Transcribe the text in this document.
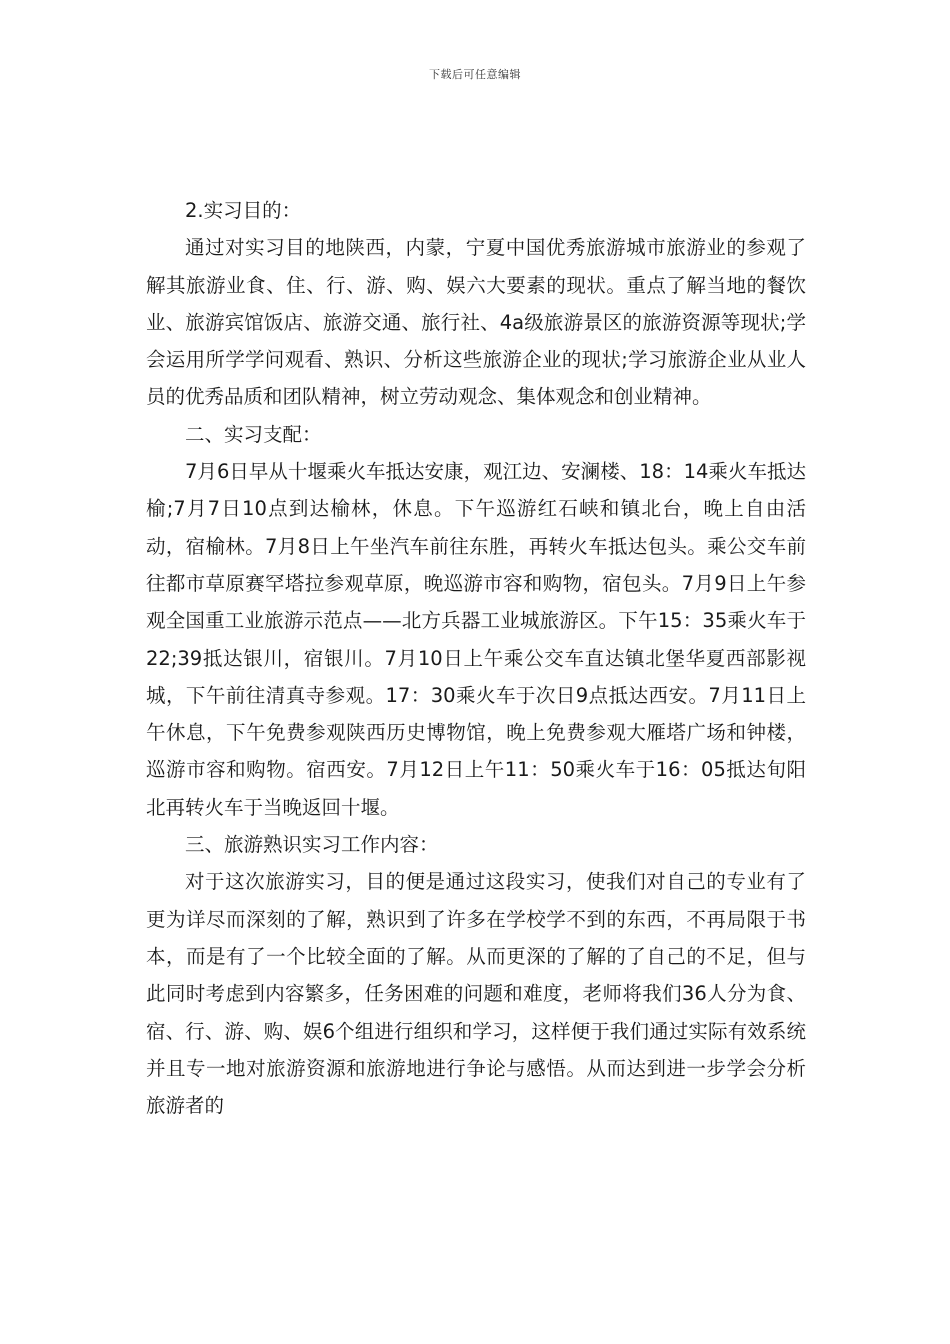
下载后可任意编辑

2.实习目的：

通过对实习目的地陕西，内蒙，宁夏中国优秀旅游城市旅游业的参观了解其旅游业食、住、行、游、购、娱六大要素的现状。重点了解当地的餐饮业、旅游宾馆饭店、旅游交通、旅行社、4a级旅游景区的旅游资源等现状;学会运用所学学问观看、熟识、分析这些旅游企业的现状;学习旅游企业从业人员的优秀品质和团队精神，树立劳动观念、集体观念和创业精神。

二、实习支配：

7月6日早从十堰乘火车抵达安康，观江边、安澜楼、18：14乘火车抵达榆;7月7日10点到达榆林，休息。下午巡游红石峡和镇北台，晚上自由活动，宿榆林。7月8日上午坐汽车前往东胜，再转火车抵达包头。乘公交车前往都市草原赛罕塔拉参观草原，晚巡游市容和购物，宿包头。7月9日上午参观全国重工业旅游示范点——北方兵器工业城旅游区。下午15：35乘火车于22;39抵达银川，宿银川。7月10日上午乘公交车直达镇北堡华夏西部影视城，下午前往清真寺参观。17：30乘火车于次日9点抵达西安。7月11日上午休息，下午免费参观陕西历史博物馆，晚上免费参观大雁塔广场和钟楼，巡游市容和购物。宿西安。7月12日上午11：50乘火车于16：05抵达旬阳北再转火车于当晚返回十堰。

三、旅游熟识实习工作内容：

对于这次旅游实习，目的便是通过这段实习，使我们对自己的专业有了更为详尽而深刻的了解，熟识到了许多在学校学不到的东西，不再局限于书本，而是有了一个比较全面的了解。从而更深的了解的了自己的不足，但与此同时考虑到内容繁多，任务困难的问题和难度，老师将我们36人分为食、宿、行、游、购、娱6个组进行组织和学习，这样便于我们通过实际有效系统并且专一地对旅游资源和旅游地进行争论与感悟。从而达到进一步学会分析旅游者的
